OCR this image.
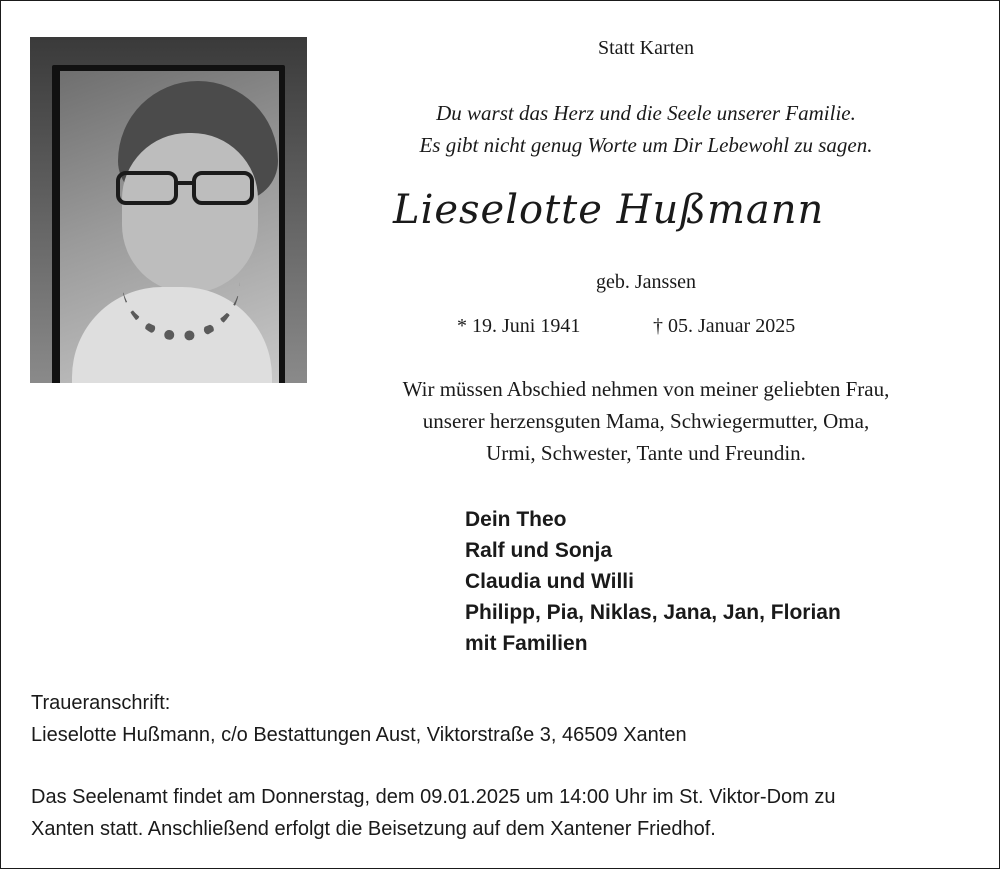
Statt Karten
Du warst das Herz und die Seele unserer Familie.
Es gibt nicht genug Worte um Dir Lebewohl zu sagen.
Lieselotte Hußmann
geb. Janssen
* 19. Juni 1941	† 05. Januar 2025
Wir müssen Abschied nehmen von meiner geliebten Frau,
unserer herzensguten Mama, Schwiegermutter, Oma,
Urmi, Schwester, Tante und Freundin.
Dein Theo
Ralf und Sonja
Claudia und Willi
Philipp, Pia, Niklas, Jana, Jan, Florian
mit Familien
Traueranschrift:
Lieselotte Hußmann, c/o Bestattungen Aust, Viktorstraße 3, 46509 Xanten
Das Seelenamt findet am Donnerstag, dem 09.01.2025 um 14:00 Uhr im St. Viktor-Dom zu
Xanten statt. Anschließend erfolgt die Beisetzung auf dem Xantener Friedhof.
